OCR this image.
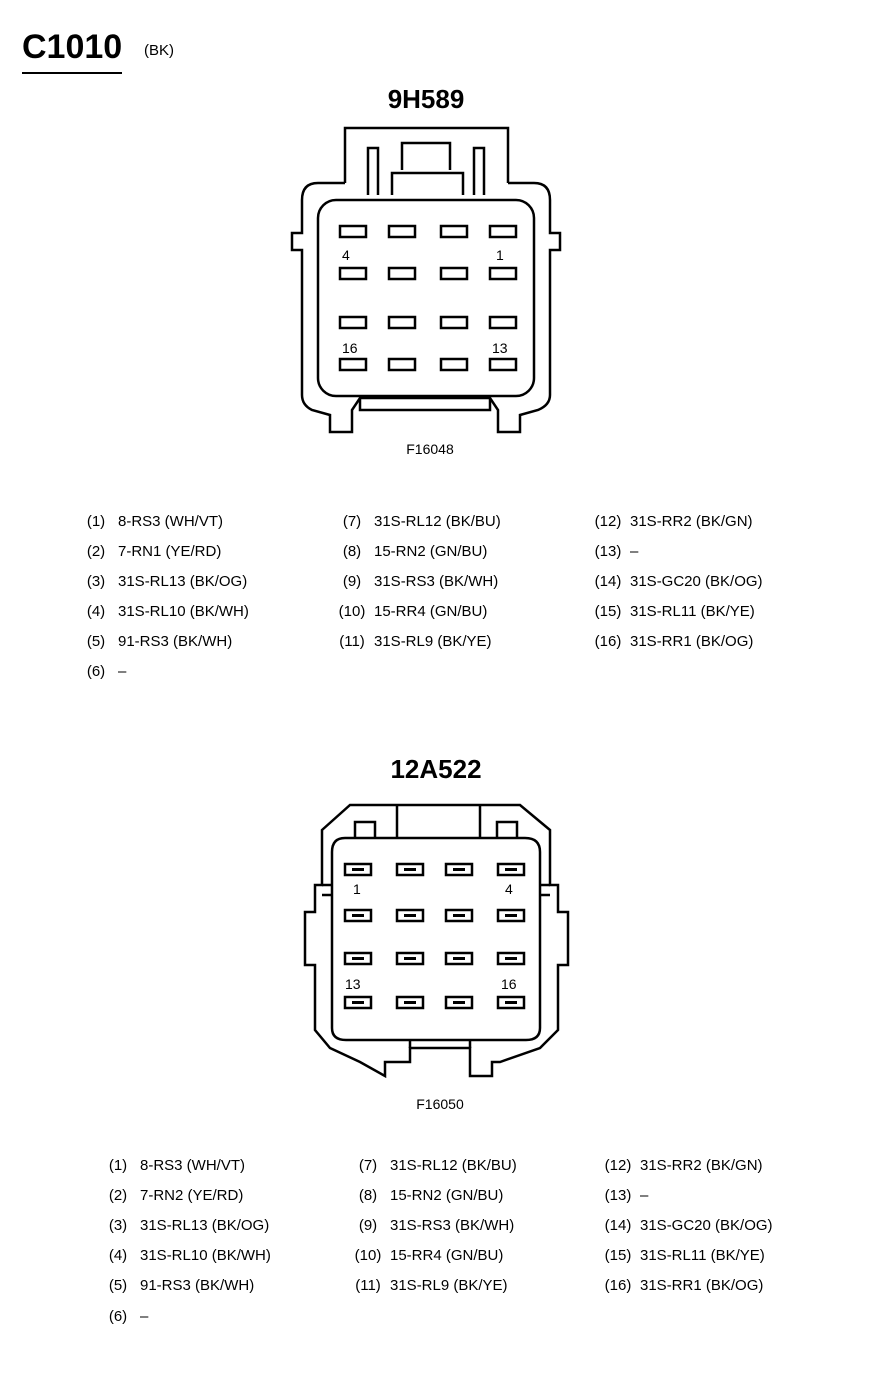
C1010 (BK)
9H589
4	1
16	13
F16048
(1) 8-RS3 (WH/VT)
(2) 7-RN1 (YE/RD)
(3) 31S-RL13 (BK/OG)
(4) 31S-RL10 (BK/WH)
(5) 91-RS3 (BK/WH)
(6) –
(7) 31S-RL12 (BK/BU)
(8) 15-RN2 (GN/BU)
(9) 31S-RS3 (BK/WH)
(10) 15-RR4 (GN/BU)
(11) 31S-RL9 (BK/YE)
(12) 31S-RR2 (BK/GN)
(13) –
(14) 31S-GC20 (BK/OG)
(15) 31S-RL11 (BK/YE)
(16) 31S-RR1 (BK/OG)
12A522
1	4
13	16
F16050
(1) 8-RS3 (WH/VT)
(2) 7-RN2 (YE/RD)
(3) 31S-RL13 (BK/OG)
(4) 31S-RL10 (BK/WH)
(5) 91-RS3 (BK/WH)
(6) –
(7) 31S-RL12 (BK/BU)
(8) 15-RN2 (GN/BU)
(9) 31S-RS3 (BK/WH)
(10) 15-RR4 (GN/BU)
(11) 31S-RL9 (BK/YE)
(12) 31S-RR2 (BK/GN)
(13) –
(14) 31S-GC20 (BK/OG)
(15) 31S-RL11 (BK/YE)
(16) 31S-RR1 (BK/OG)
